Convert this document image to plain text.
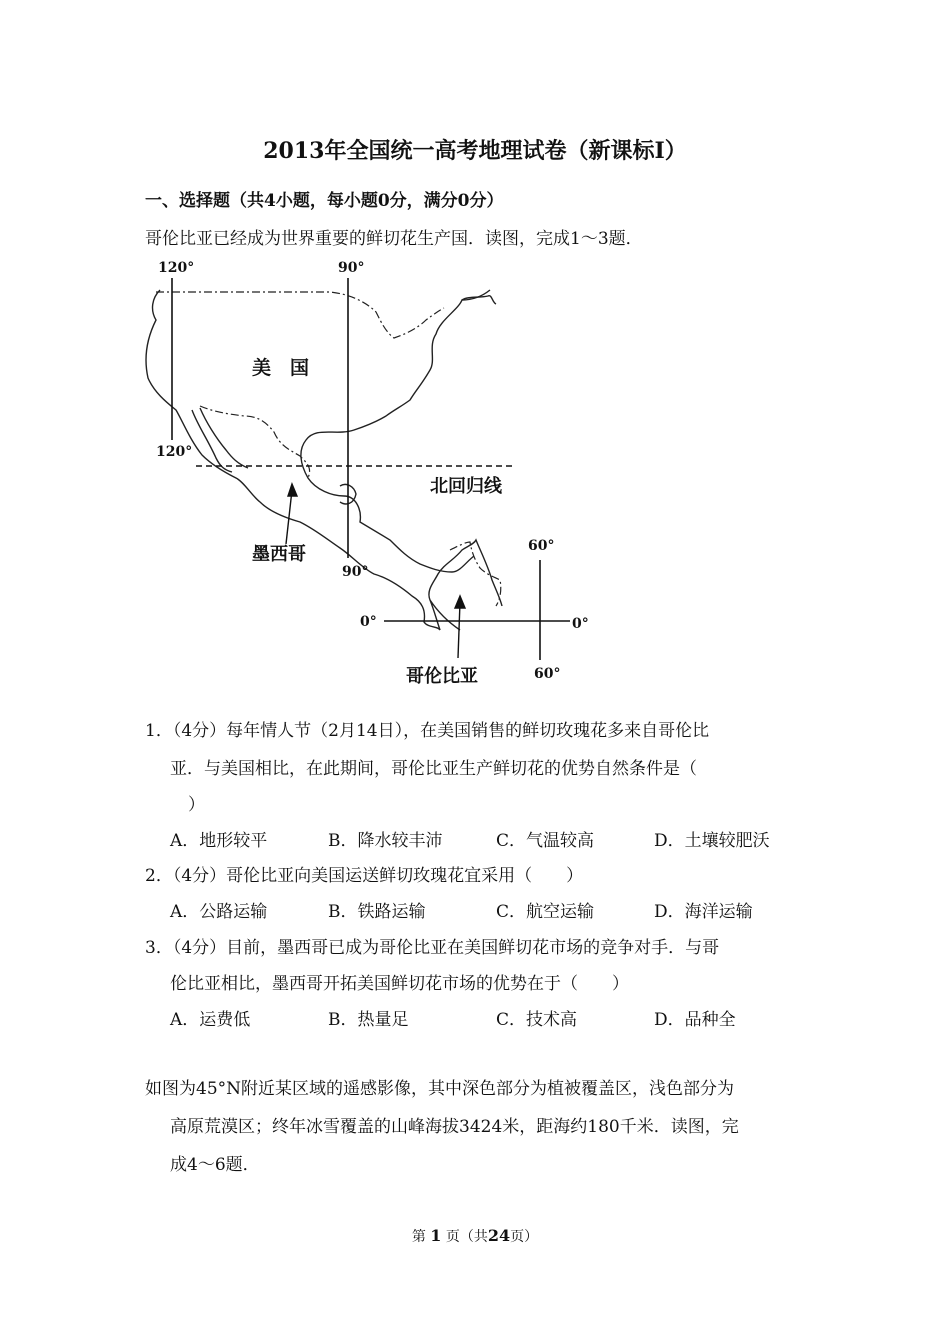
2013年全国统一高考地理试卷（新课标Ⅰ）
一、选择题（共4小题，每小题0分，满分0分）
哥伦比亚已经成为世界重要的鲜切花生产国．读图，完成1～3题．
120°	90°
120°
90°
60°
60°
0°	0°
美　国
北回归线
墨西哥
哥伦比亚
1．（4分）每年情人节（2月14日），在美国销售的鲜切玫瑰花多来自哥伦比
亚．与美国相比，在此期间，哥伦比亚生产鲜切花的优势自然条件是（
）
A．地形较平	B．降水较丰沛	C．气温较高	D．土壤较肥沃
2．（4分）哥伦比亚向美国运送鲜切玫瑰花宜采用（　　）
A．公路运输	B．铁路运输	C．航空运输	D．海洋运输
3．（4分）目前，墨西哥已成为哥伦比亚在美国鲜切花市场的竞争对手．与哥
伦比亚相比，墨西哥开拓美国鲜切花市场的优势在于（　　）
A．运费低	B．热量足	C．技术高	D．品种全
如图为45°N附近某区域的遥感影像，其中深色部分为植被覆盖区，浅色部分为
高原荒漠区；终年冰雪覆盖的山峰海拔3424米，距海约180千米．读图，完
成4～6题．
第 1 页（共24页）
